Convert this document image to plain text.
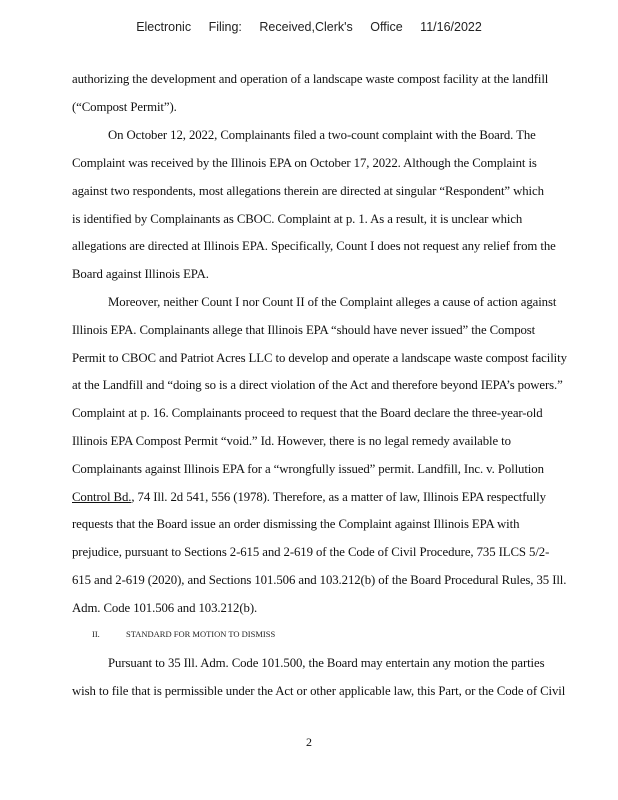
Electronic Filing: Received,Clerk's Office 11/16/2022
authorizing the development and operation of a landscape waste compost facility at the landfill
(“Compost Permit”).
On October 12, 2022, Complainants filed a two-count complaint with the Board. The
Complaint was received by the Illinois EPA on October 17, 2022. Although the Complaint is
against two respondents, most allegations therein are directed at singular “Respondent” which
is identified by Complainants as CBOC. Complaint at p. 1. As a result, it is unclear which
allegations are directed at Illinois EPA. Specifically, Count I does not request any relief from the
Board against Illinois EPA.
Moreover, neither Count I nor Count II of the Complaint alleges a cause of action against
Illinois EPA. Complainants allege that Illinois EPA “should have never issued” the Compost
Permit to CBOC and Patriot Acres LLC to develop and operate a landscape waste compost facility
at the Landfill and “doing so is a direct violation of the Act and therefore beyond IEPA’s powers.”
Complaint at p. 16. Complainants proceed to request that the Board declare the three-year-old
Illinois EPA Compost Permit “void.” Id. However, there is no legal remedy available to
Complainants against Illinois EPA for a “wrongfully issued” permit. Landfill, Inc. v. Pollution
Control Bd., 74 Ill. 2d 541, 556 (1978). Therefore, as a matter of law, Illinois EPA respectfully
requests that the Board issue an order dismissing the Complaint against Illinois EPA with
prejudice, pursuant to Sections 2-615 and 2-619 of the Code of Civil Procedure, 735 ILCS 5/2-
615 and 2-619 (2020), and Sections 101.506 and 103.212(b) of the Board Procedural Rules, 35 Ill.
Adm. Code 101.506 and 103.212(b).
II.	STANDARD FOR MOTION TO DISMISS
Pursuant to 35 Ill. Adm. Code 101.500, the Board may entertain any motion the parties
wish to file that is permissible under the Act or other applicable law, this Part, or the Code of Civil
2
